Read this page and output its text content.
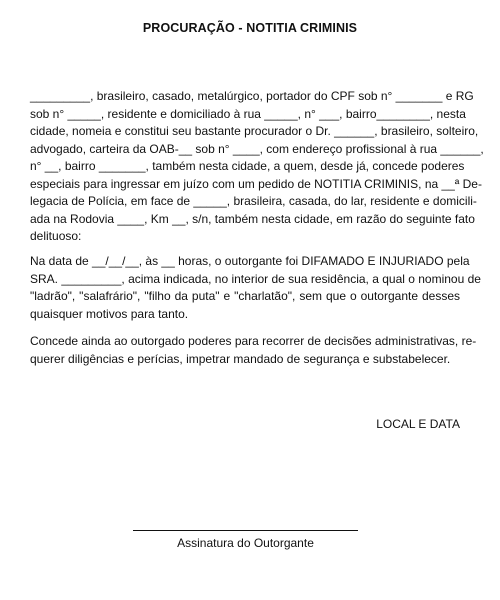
PROCURAÇÃO - NOTITIA CRIMINIS

_________, brasileiro, casado, metalúrgico, portador do CPF sob n° _______ e RG
sob n° _____, residente e domiciliado à rua _____, n° ___, bairro________, nesta
cidade, nomeia e constitui seu bastante procurador o Dr. ______, brasileiro, solteiro,
advogado, carteira da OAB-__ sob n° ____, com endereço profissional à rua ______,
n° __, bairro _______, também nesta cidade, a quem, desde já, concede poderes
especiais para ingressar em juízo com um pedido de NOTITIA CRIMINIS, na __ª De-
legacia de Polícia, em face de _____, brasileira, casada, do lar, residente e domicili-
ada na Rodovia ____, Km __, s/n, também nesta cidade, em razão do seguinte fato
delituoso:

Na data de __/__/__, às __ horas, o outorgante foi DIFAMADO E INJURIADO pela
SRA. _________, acima indicada, no interior de sua residência, a qual o nominou de
"ladrão", "salafrário", "filho da puta" e "charlatão", sem que o outorgante desses
quaisquer motivos para tanto.

Concede ainda ao outorgado poderes para recorrer de decisões administrativas, re-
querer diligências e perícias, impetrar mandado de segurança e substabelecer.

LOCAL E DATA
Assinatura do Outorgante
